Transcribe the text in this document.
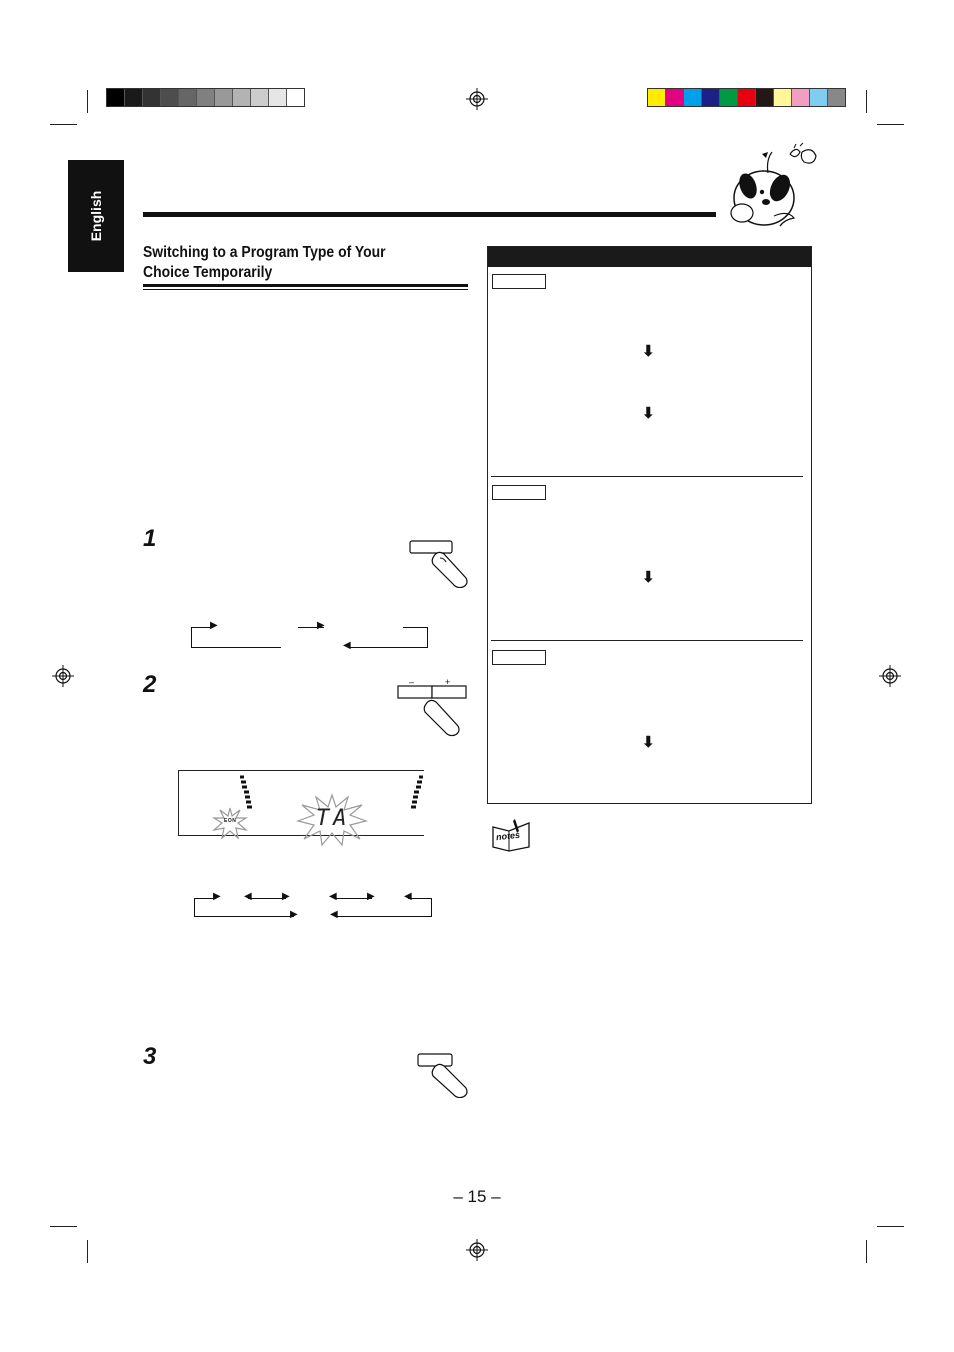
English
Switching to a Program Type of Your Choice Temporarily
1
▶	▶
◀
2	–	+
EON	TA
▶ ◀	▶	◀	▶	◀
▶	◀
3
⬇
⬇
⬇
⬇
notes
– 15 –
